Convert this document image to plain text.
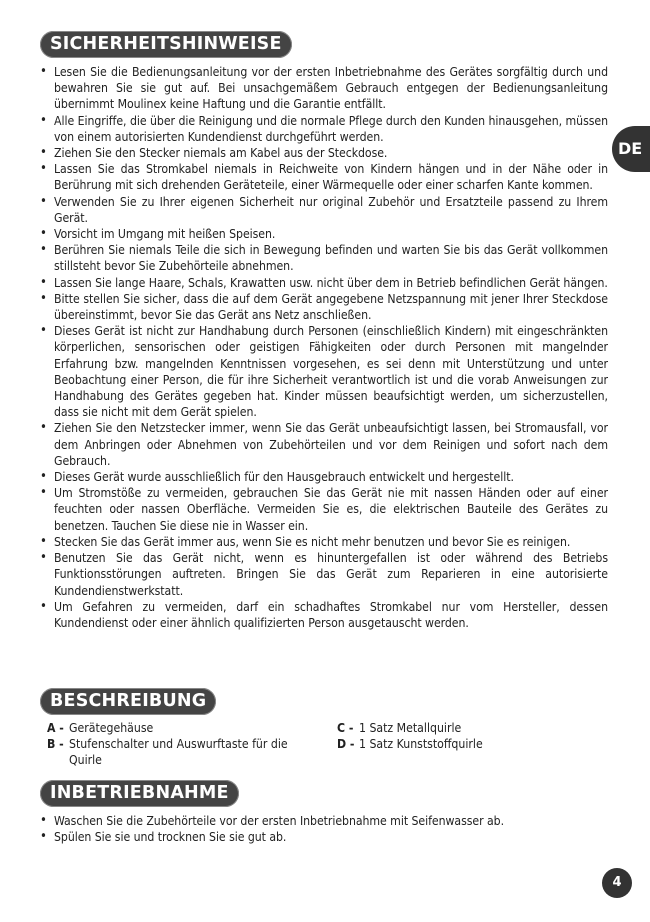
SICHERHEITSHINWEISE
• Lesen Sie die Bedienungsanleitung vor der ersten Inbetriebnahme des Gerätes sorgfältig durch und bewahren Sie sie gut auf. Bei unsachgemäßem Gebrauch entgegen der Bedienungsanleitung übernimmt Moulinex keine Haftung und die Garantie entfällt.
• Alle Eingriffe, die über die Reinigung und die normale Pflege durch den Kunden hinausgehen, müssen von einem autorisierten Kundendienst durchgeführt werden.
• Ziehen Sie den Stecker niemals am Kabel aus der Steckdose.
• Lassen Sie das Stromkabel niemals in Reichweite von Kindern hängen und in der Nähe oder in Berührung mit sich drehenden Geräteteile, einer Wärmequelle oder einer scharfen Kante kommen.
• Verwenden Sie zu Ihrer eigenen Sicherheit nur original Zubehör und Ersatzteile passend zu Ihrem Gerät.
• Vorsicht im Umgang mit heißen Speisen.
• Berühren Sie niemals Teile die sich in Bewegung befinden und warten Sie bis das Gerät vollkommen stillsteht bevor Sie Zubehörteile abnehmen.
• Lassen Sie lange Haare, Schals, Krawatten usw. nicht über dem in Betrieb befindlichen Gerät hängen.
• Bitte stellen Sie sicher, dass die auf dem Gerät angegebene Netzspannung mit jener Ihrer Steckdose übereinstimmt, bevor Sie das Gerät ans Netz anschließen.
• Dieses Gerät ist nicht zur Handhabung durch Personen (einschließlich Kindern) mit eingeschränkten körperlichen, sensorischen oder geistigen Fähigkeiten oder durch Personen mit mangelnder Erfahrung bzw. mangelnden Kenntnissen vorgesehen, es sei denn mit Unterstützung und unter Beobachtung einer Person, die für ihre Sicherheit verantwortlich ist und die vorab Anweisungen zur Handhabung des Gerätes gegeben hat. Kinder müssen beaufsichtigt werden, um sicherzustellen, dass sie nicht mit dem Gerät spielen.
• Ziehen Sie den Netzstecker immer, wenn Sie das Gerät unbeaufsichtigt lassen, bei Stromausfall, vor dem Anbringen oder Abnehmen von Zubehörteilen und vor dem Reinigen und sofort nach dem Gebrauch.
• Dieses Gerät wurde ausschließlich für den Hausgebrauch entwickelt und hergestellt.
• Um Stromstöße zu vermeiden, gebrauchen Sie das Gerät nie mit nassen Händen oder auf einer feuchten oder nassen Oberfläche. Vermeiden Sie es, die elektrischen Bauteile des Gerätes zu benetzen. Tauchen Sie diese nie in Wasser ein.
• Stecken Sie das Gerät immer aus, wenn Sie es nicht mehr benutzen und bevor Sie es reinigen.
• Benutzen Sie das Gerät nicht, wenn es hinuntergefallen ist oder während des Betriebs Funktionsstörungen auftreten. Bringen Sie das Gerät zum Reparieren in eine autorisierte Kundendienstwerkstatt.
• Um Gefahren zu vermeiden, darf ein schadhaftes Stromkabel nur vom Hersteller, dessen Kundendienst oder einer ähnlich qualifizierten Person ausgetauscht werden.
BESCHREIBUNG
A - Gerätegehäuse
B - Stufenschalter und Auswurftaste für die Quirle
C - 1 Satz Metallquirle
D - 1 Satz Kunststoffquirle
INBETRIEBNAHME
• Waschen Sie die Zubehörteile vor der ersten Inbetriebnahme mit Seifenwasser ab.
• Spülen Sie sie und trocknen Sie sie gut ab.
DE
4
